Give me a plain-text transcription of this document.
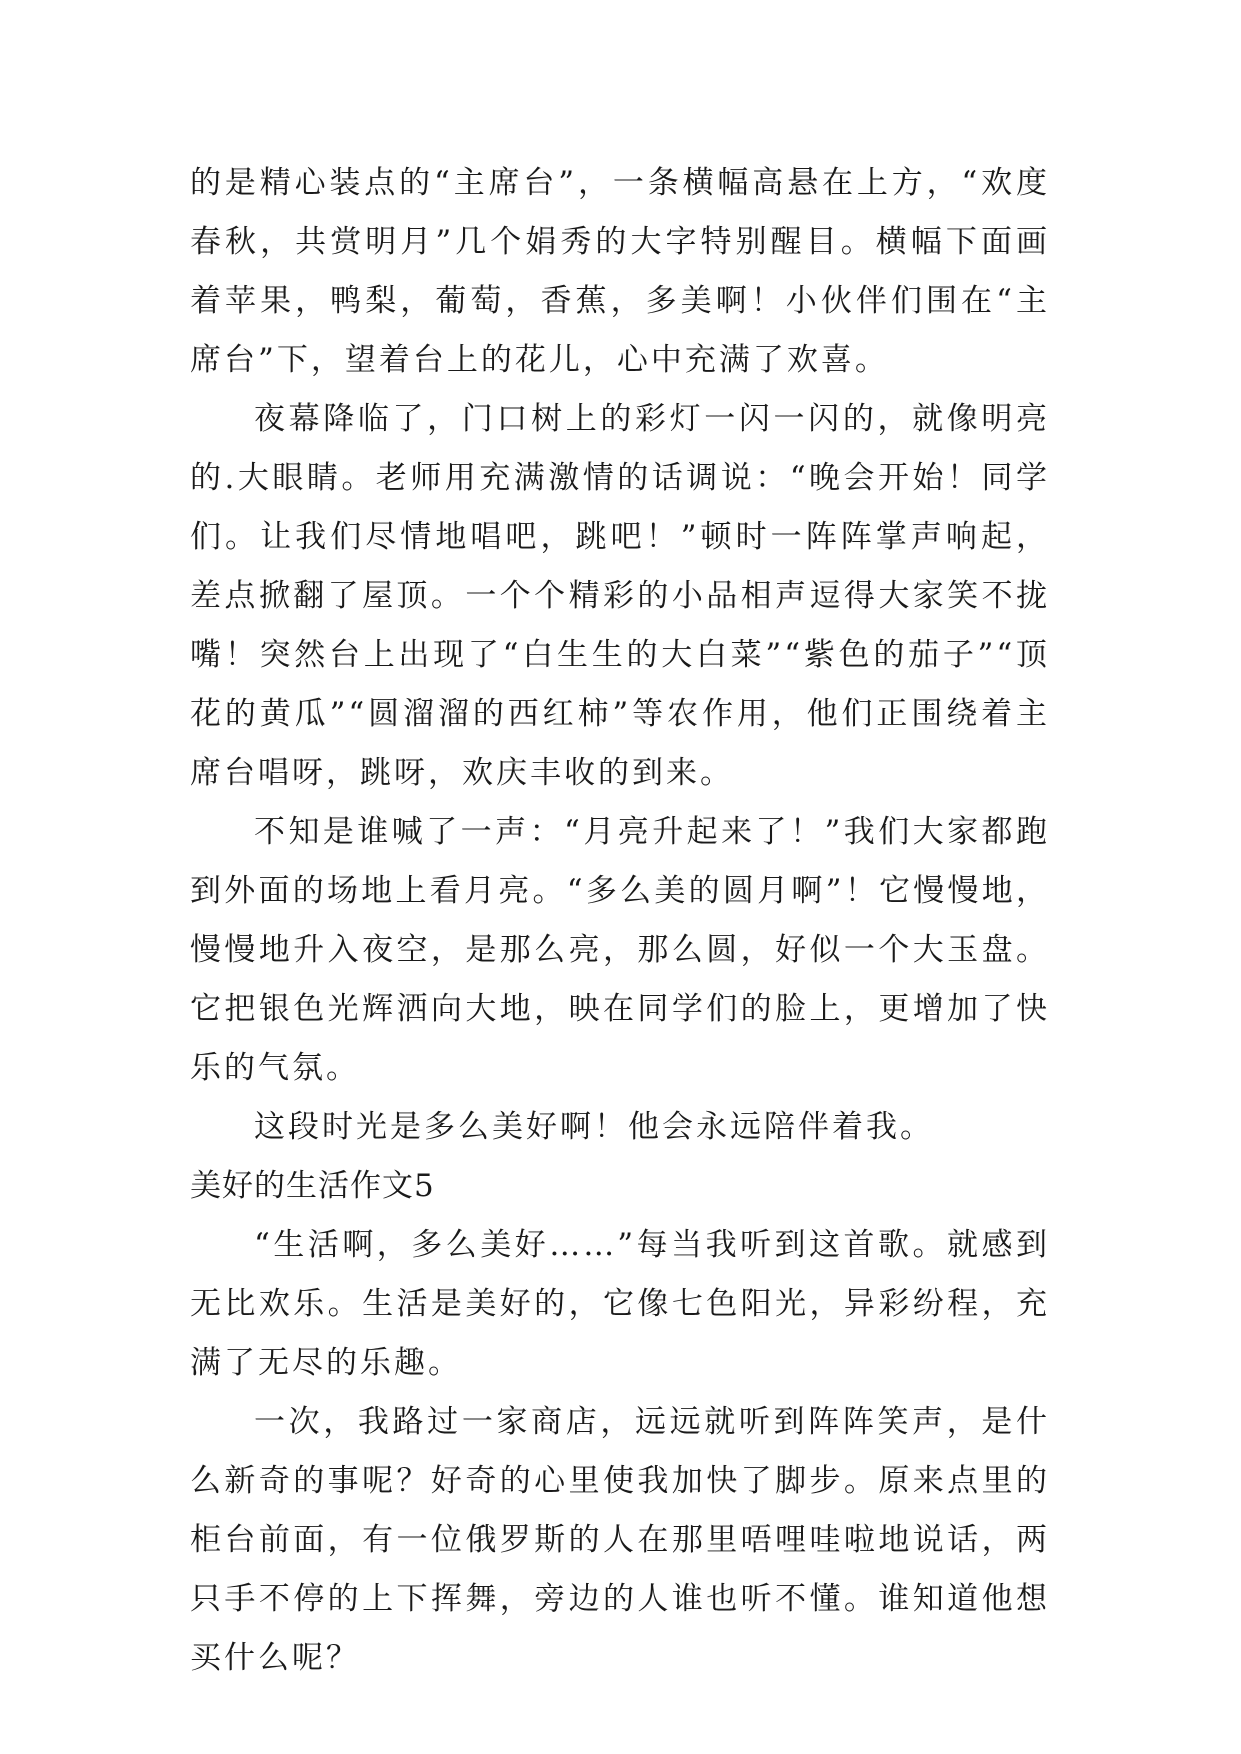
的是精心装点的“主席台”，一条横幅高悬在上方，“欢度春秋，共赏明月”几个娟秀的大字特别醒目。横幅下面画着苹果，鸭梨，葡萄，香蕉，多美啊！小伙伴们围在“主席台”下，望着台上的花儿，心中充满了欢喜。

夜幕降临了，门口树上的彩灯一闪一闪的，就像明亮的.大眼睛。老师用充满激情的话调说：“晚会开始！同学们。让我们尽情地唱吧，跳吧！”顿时一阵阵掌声响起，差点掀翻了屋顶。一个个精彩的小品相声逗得大家笑不拢嘴！突然台上出现了“白生生的大白菜”“紫色的茄子”“顶花的黄瓜”“圆溜溜的西红柿”等农作用，他们正围绕着主席台唱呀，跳呀，欢庆丰收的到来。

不知是谁喊了一声：“月亮升起来了！”我们大家都跑到外面的场地上看月亮。“多么美的圆月啊”！它慢慢地，慢慢地升入夜空，是那么亮，那么圆，好似一个大玉盘。它把银色光辉洒向大地，映在同学们的脸上，更增加了快乐的气氛。

这段时光是多么美好啊！他会永远陪伴着我。

美好的生活作文5

“生活啊，多么美好……”每当我听到这首歌。就感到无比欢乐。生活是美好的，它像七色阳光，异彩纷程，充满了无尽的乐趣。

一次，我路过一家商店，远远就听到阵阵笑声，是什么新奇的事呢？好奇的心里使我加快了脚步。原来点里的柜台前面，有一位俄罗斯的人在那里唔哩哇啦地说话，两只手不停的上下挥舞，旁边的人谁也听不懂。谁知道他想买什么呢？
